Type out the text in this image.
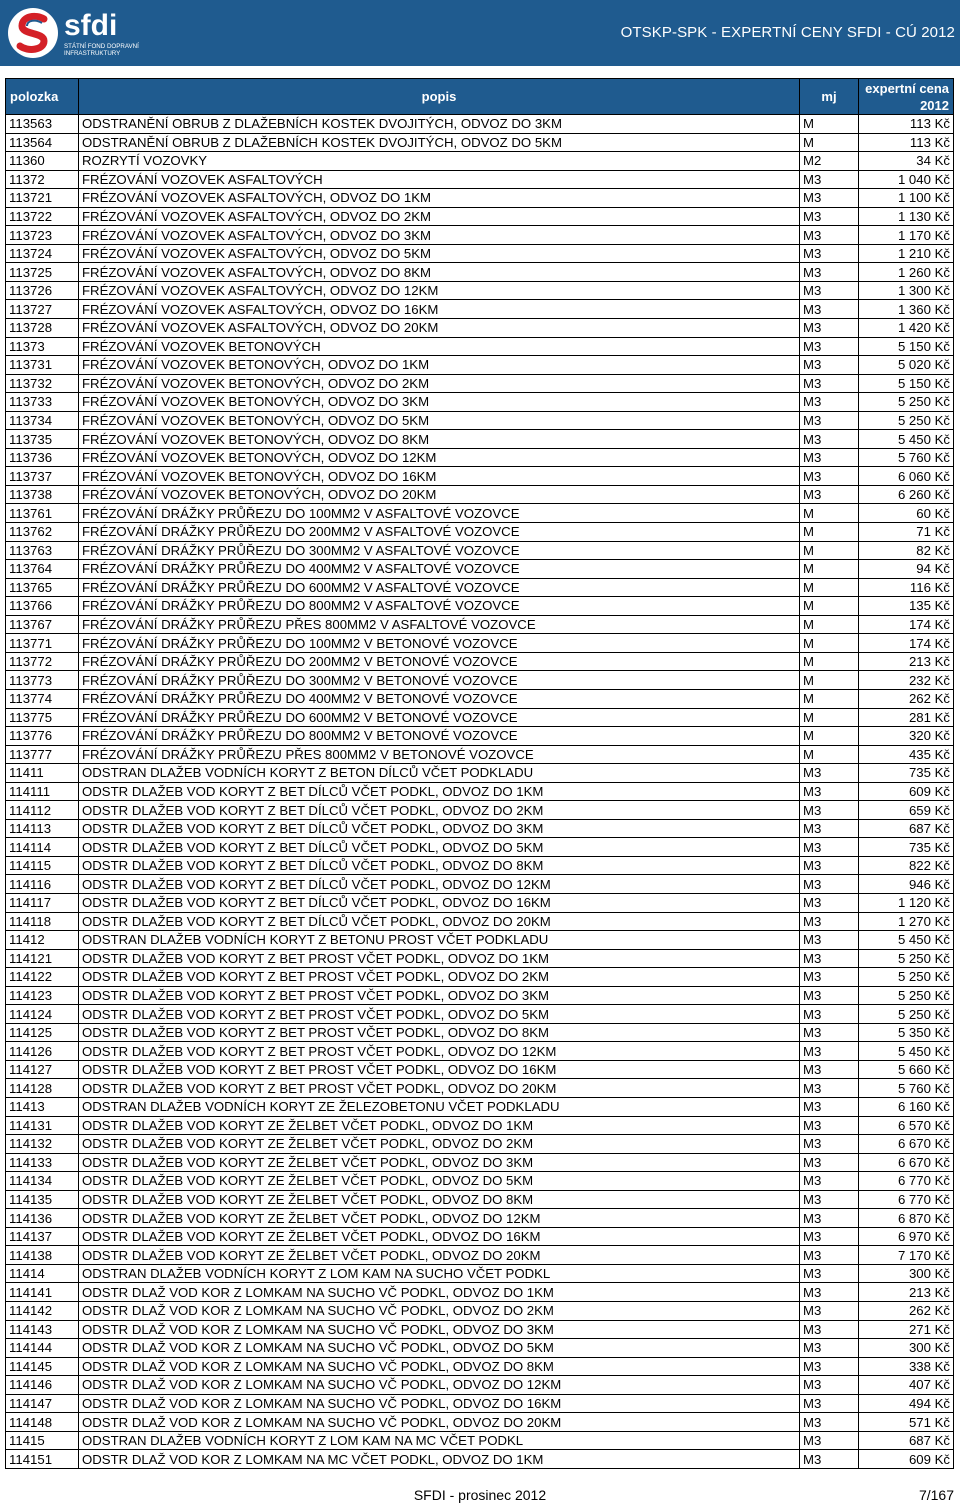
sfdi
STÁTNÍ FOND DOPRAVNÍ
INFRASTRUKTURY
OTSKP-SPK - EXPERTNÍ CENY SFDI - CÚ 2012
polozka	popis	mj	expertní cena
2012

113563	ODSTRANĚNÍ OBRUB Z DLAŽEBNÍCH KOSTEK DVOJITÝCH, ODVOZ DO 3KM	M	113 Kč
113564	ODSTRANĚNÍ OBRUB Z DLAŽEBNÍCH KOSTEK DVOJITÝCH, ODVOZ DO 5KM	M	113 Kč
11360	ROZRYTÍ VOZOVKY	M2	34 Kč
11372	FRÉZOVÁNÍ VOZOVEK ASFALTOVÝCH	M3	1 040 Kč
113721	FRÉZOVÁNÍ VOZOVEK ASFALTOVÝCH, ODVOZ DO 1KM	M3	1 100 Kč
113722	FRÉZOVÁNÍ VOZOVEK ASFALTOVÝCH, ODVOZ DO 2KM	M3	1 130 Kč
113723	FRÉZOVÁNÍ VOZOVEK ASFALTOVÝCH, ODVOZ DO 3KM	M3	1 170 Kč
113724	FRÉZOVÁNÍ VOZOVEK ASFALTOVÝCH, ODVOZ DO 5KM	M3	1 210 Kč
113725	FRÉZOVÁNÍ VOZOVEK ASFALTOVÝCH, ODVOZ DO 8KM	M3	1 260 Kč
113726	FRÉZOVÁNÍ VOZOVEK ASFALTOVÝCH, ODVOZ DO 12KM	M3	1 300 Kč
113727	FRÉZOVÁNÍ VOZOVEK ASFALTOVÝCH, ODVOZ DO 16KM	M3	1 360 Kč
113728	FRÉZOVÁNÍ VOZOVEK ASFALTOVÝCH, ODVOZ DO 20KM	M3	1 420 Kč
11373	FRÉZOVÁNÍ VOZOVEK BETONOVÝCH	M3	5 150 Kč
113731	FRÉZOVÁNÍ VOZOVEK BETONOVÝCH, ODVOZ DO 1KM	M3	5 020 Kč
113732	FRÉZOVÁNÍ VOZOVEK BETONOVÝCH, ODVOZ DO 2KM	M3	5 150 Kč
113733	FRÉZOVÁNÍ VOZOVEK BETONOVÝCH, ODVOZ DO 3KM	M3	5 250 Kč
113734	FRÉZOVÁNÍ VOZOVEK BETONOVÝCH, ODVOZ DO 5KM	M3	5 250 Kč
113735	FRÉZOVÁNÍ VOZOVEK BETONOVÝCH, ODVOZ DO 8KM	M3	5 450 Kč
113736	FRÉZOVÁNÍ VOZOVEK BETONOVÝCH, ODVOZ DO 12KM	M3	5 760 Kč
113737	FRÉZOVÁNÍ VOZOVEK BETONOVÝCH, ODVOZ DO 16KM	M3	6 060 Kč
113738	FRÉZOVÁNÍ VOZOVEK BETONOVÝCH, ODVOZ DO 20KM	M3	6 260 Kč
113761	FRÉZOVÁNÍ DRÁŽKY PRŮŘEZU DO 100MM2 V ASFALTOVÉ VOZOVCE	M	60 Kč
113762	FRÉZOVÁNÍ DRÁŽKY PRŮŘEZU DO 200MM2 V ASFALTOVÉ VOZOVCE	M	71 Kč
113763	FRÉZOVÁNÍ DRÁŽKY PRŮŘEZU DO 300MM2 V ASFALTOVÉ VOZOVCE	M	82 Kč
113764	FRÉZOVÁNÍ DRÁŽKY PRŮŘEZU DO 400MM2 V ASFALTOVÉ VOZOVCE	M	94 Kč
113765	FRÉZOVÁNÍ DRÁŽKY PRŮŘEZU DO 600MM2 V ASFALTOVÉ VOZOVCE	M	116 Kč
113766	FRÉZOVÁNÍ DRÁŽKY PRŮŘEZU DO 800MM2 V ASFALTOVÉ VOZOVCE	M	135 Kč
113767	FRÉZOVÁNÍ DRÁŽKY PRŮŘEZU PŘES 800MM2 V ASFALTOVÉ VOZOVCE	M	174 Kč
113771	FRÉZOVÁNÍ DRÁŽKY PRŮŘEZU DO 100MM2 V BETONOVÉ VOZOVCE	M	174 Kč
113772	FRÉZOVÁNÍ DRÁŽKY PRŮŘEZU DO 200MM2 V BETONOVÉ VOZOVCE	M	213 Kč
113773	FRÉZOVÁNÍ DRÁŽKY PRŮŘEZU DO 300MM2 V BETONOVÉ VOZOVCE	M	232 Kč
113774	FRÉZOVÁNÍ DRÁŽKY PRŮŘEZU DO 400MM2 V BETONOVÉ VOZOVCE	M	262 Kč
113775	FRÉZOVÁNÍ DRÁŽKY PRŮŘEZU DO 600MM2 V BETONOVÉ VOZOVCE	M	281 Kč
113776	FRÉZOVÁNÍ DRÁŽKY PRŮŘEZU DO 800MM2 V BETONOVÉ VOZOVCE	M	320 Kč
113777	FRÉZOVÁNÍ DRÁŽKY PRŮŘEZU PŘES 800MM2 V BETONOVÉ VOZOVCE	M	435 Kč
11411	ODSTRAN DLAŽEB VODNÍCH KORYT Z BETON DÍLCŮ VČET PODKLADU	M3	735 Kč
114111	ODSTR DLAŽEB VOD KORYT Z BET DÍLCŮ VČET PODKL, ODVOZ DO 1KM	M3	609 Kč
114112	ODSTR DLAŽEB VOD KORYT Z BET DÍLCŮ VČET PODKL, ODVOZ DO 2KM	M3	659 Kč
114113	ODSTR DLAŽEB VOD KORYT Z BET DÍLCŮ VČET PODKL, ODVOZ DO 3KM	M3	687 Kč
114114	ODSTR DLAŽEB VOD KORYT Z BET DÍLCŮ VČET PODKL, ODVOZ DO 5KM	M3	735 Kč
114115	ODSTR DLAŽEB VOD KORYT Z BET DÍLCŮ VČET PODKL, ODVOZ DO 8KM	M3	822 Kč
114116	ODSTR DLAŽEB VOD KORYT Z BET DÍLCŮ VČET PODKL, ODVOZ DO 12KM	M3	946 Kč
114117	ODSTR DLAŽEB VOD KORYT Z BET DÍLCŮ VČET PODKL, ODVOZ DO 16KM	M3	1 120 Kč
114118	ODSTR DLAŽEB VOD KORYT Z BET DÍLCŮ VČET PODKL, ODVOZ DO 20KM	M3	1 270 Kč
11412	ODSTRAN DLAŽEB VODNÍCH KORYT Z BETONU PROST VČET PODKLADU	M3	5 450 Kč
114121	ODSTR DLAŽEB VOD KORYT Z BET PROST VČET PODKL, ODVOZ DO 1KM	M3	5 250 Kč
114122	ODSTR DLAŽEB VOD KORYT Z BET PROST VČET PODKL, ODVOZ DO 2KM	M3	5 250 Kč
114123	ODSTR DLAŽEB VOD KORYT Z BET PROST VČET PODKL, ODVOZ DO 3KM	M3	5 250 Kč
114124	ODSTR DLAŽEB VOD KORYT Z BET PROST VČET PODKL, ODVOZ DO 5KM	M3	5 250 Kč
114125	ODSTR DLAŽEB VOD KORYT Z BET PROST VČET PODKL, ODVOZ DO 8KM	M3	5 350 Kč
114126	ODSTR DLAŽEB VOD KORYT Z BET PROST VČET PODKL, ODVOZ DO 12KM	M3	5 450 Kč
114127	ODSTR DLAŽEB VOD KORYT Z BET PROST VČET PODKL, ODVOZ DO 16KM	M3	5 660 Kč
114128	ODSTR DLAŽEB VOD KORYT Z BET PROST VČET PODKL, ODVOZ DO 20KM	M3	5 760 Kč
11413	ODSTRAN DLAŽEB VODNÍCH KORYT ZE ŽELEZOBETONU VČET PODKLADU	M3	6 160 Kč
114131	ODSTR DLAŽEB VOD KORYT ZE ŽELBET VČET PODKL, ODVOZ DO 1KM	M3	6 570 Kč
114132	ODSTR DLAŽEB VOD KORYT ZE ŽELBET VČET PODKL, ODVOZ DO 2KM	M3	6 670 Kč
114133	ODSTR DLAŽEB VOD KORYT ZE ŽELBET VČET PODKL, ODVOZ DO 3KM	M3	6 670 Kč
114134	ODSTR DLAŽEB VOD KORYT ZE ŽELBET VČET PODKL, ODVOZ DO 5KM	M3	6 770 Kč
114135	ODSTR DLAŽEB VOD KORYT ZE ŽELBET VČET PODKL, ODVOZ DO 8KM	M3	6 770 Kč
114136	ODSTR DLAŽEB VOD KORYT ZE ŽELBET VČET PODKL, ODVOZ DO 12KM	M3	6 870 Kč
114137	ODSTR DLAŽEB VOD KORYT ZE ŽELBET VČET PODKL, ODVOZ DO 16KM	M3	6 970 Kč
114138	ODSTR DLAŽEB VOD KORYT ZE ŽELBET VČET PODKL, ODVOZ DO 20KM	M3	7 170 Kč
11414	ODSTRAN DLAŽEB VODNÍCH KORYT Z LOM KAM NA SUCHO VČET PODKL	M3	300 Kč
114141	ODSTR DLAŽ VOD KOR Z LOMKAM NA SUCHO VČ PODKL, ODVOZ DO 1KM	M3	213 Kč
114142	ODSTR DLAŽ VOD KOR Z LOMKAM NA SUCHO VČ PODKL, ODVOZ DO 2KM	M3	262 Kč
114143	ODSTR DLAŽ VOD KOR Z LOMKAM NA SUCHO VČ PODKL, ODVOZ DO 3KM	M3	271 Kč
114144	ODSTR DLAŽ VOD KOR Z LOMKAM NA SUCHO VČ PODKL, ODVOZ DO 5KM	M3	300 Kč
114145	ODSTR DLAŽ VOD KOR Z LOMKAM NA SUCHO VČ PODKL, ODVOZ DO 8KM	M3	338 Kč
114146	ODSTR DLAŽ VOD KOR Z LOMKAM NA SUCHO VČ PODKL, ODVOZ DO 12KM	M3	407 Kč
114147	ODSTR DLAŽ VOD KOR Z LOMKAM NA SUCHO VČ PODKL, ODVOZ DO 16KM	M3	494 Kč
114148	ODSTR DLAŽ VOD KOR Z LOMKAM NA SUCHO VČ PODKL, ODVOZ DO 20KM	M3	571 Kč
11415	ODSTRAN DLAŽEB VODNÍCH KORYT Z LOM KAM NA MC VČET PODKL	M3	687 Kč
114151	ODSTR DLAŽ VOD KOR Z LOMKAM NA MC VČET PODKL, ODVOZ DO 1KM	M3	609 Kč
SFDI - prosinec 2012	7/167
